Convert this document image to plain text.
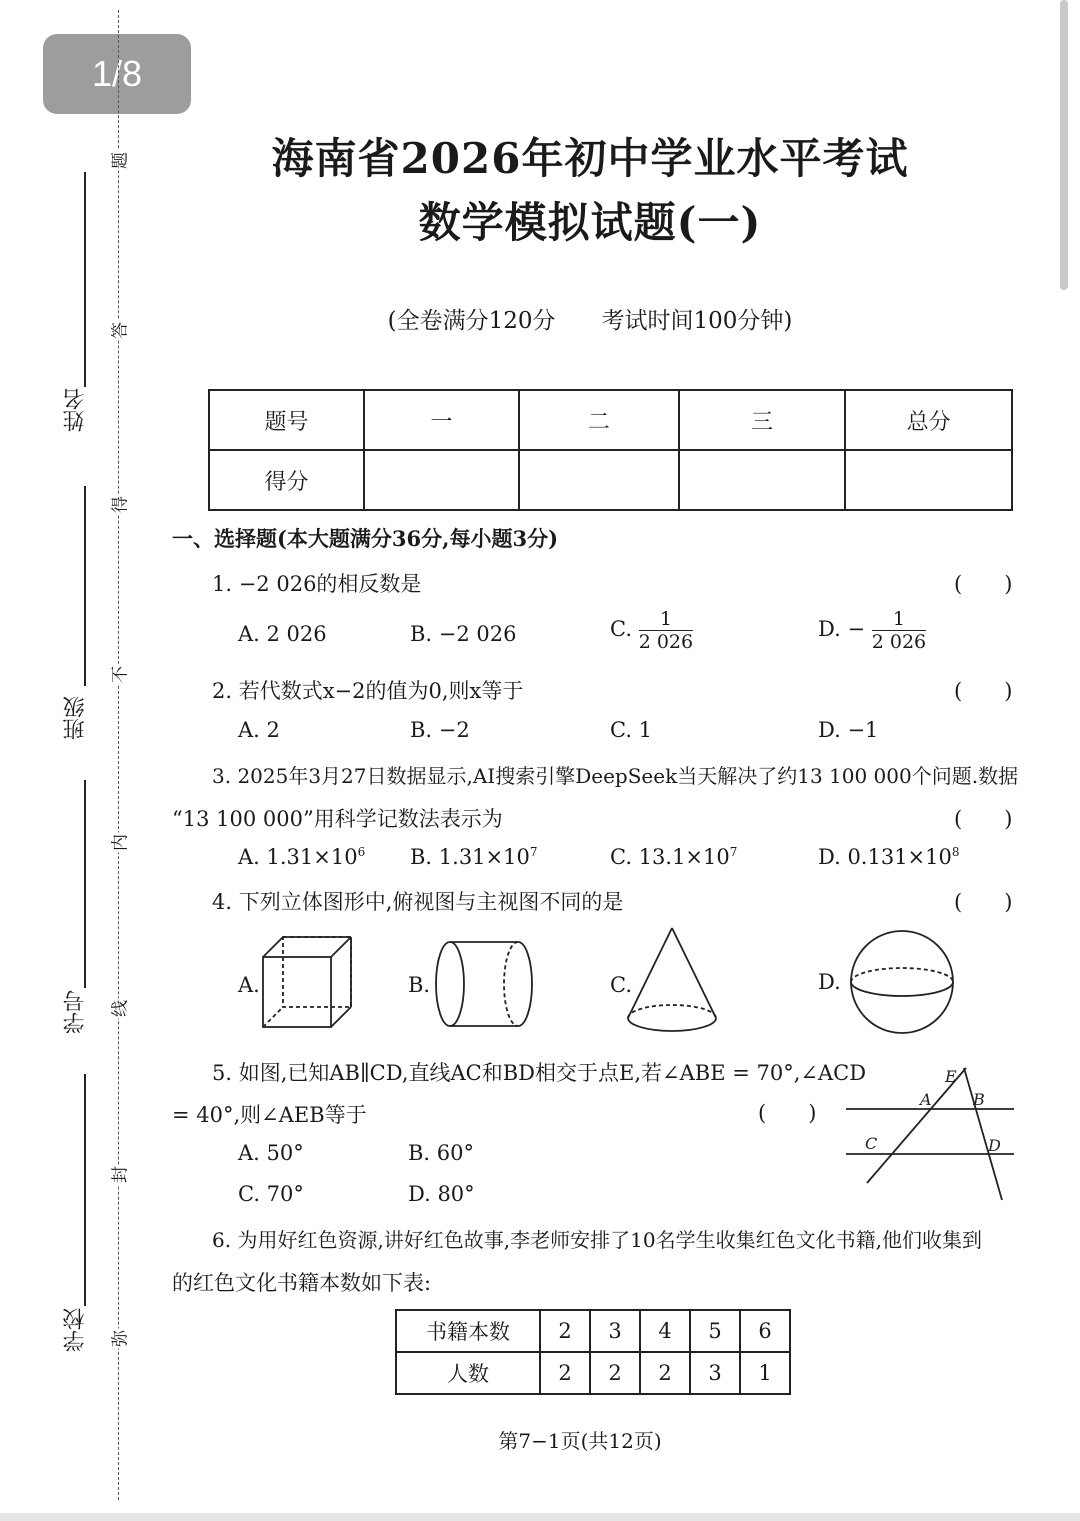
1/8
题
答
得
不
内
线
封
弥
姓名
班级
学号
学校
海南省2026年初中学业水平考试
数学模拟试题(一)
(全卷满分120分　　考试时间100分钟)
题号	一	二	三	总分
得分				
一、选择题(本大题满分36分,每小题3分)
1. −2 026的相反数是	(　　)
A. 2 026	B. −2 026	C. $\frac{1}{2 026}$	D. − $\frac{1}{2 026}$
2. 若代数式x−2的值为0,则x等于	(　　)
A. 2	B. −2	C. 1	D. −1
3. 2025年3月27日数据显示,AI搜索引擎DeepSeek当天解决了约13 100 000个问题.数据
“13 100 000”用科学记数法表示为	(　　)
A. $1.31\times 10^6$ B. $1.31\times 10^7$	C. $13.1\times 10^7$	D. $0.131\times 10^8$
4. 下列立体图形中,俯视图与主视图不同的是	(　　)
A.	B.	C.	D.
5. 如图,已知AB∥CD,直线AC和BD相交于点E,若∠ABE = 70°,∠ACD
= 40°,则∠AEB等于	(　　)
A. 50°	B. 60°
C. 70°	D. 80°
E
A	B
C	D
6. 为用好红色资源,讲好红色故事,李老师安排了10名学生收集红色文化书籍,他们收集到
的红色文化书籍本数如下表:
书籍本数	2	3	4	5	6
人数	2	2	2	3	1
第7−1页(共12页)
